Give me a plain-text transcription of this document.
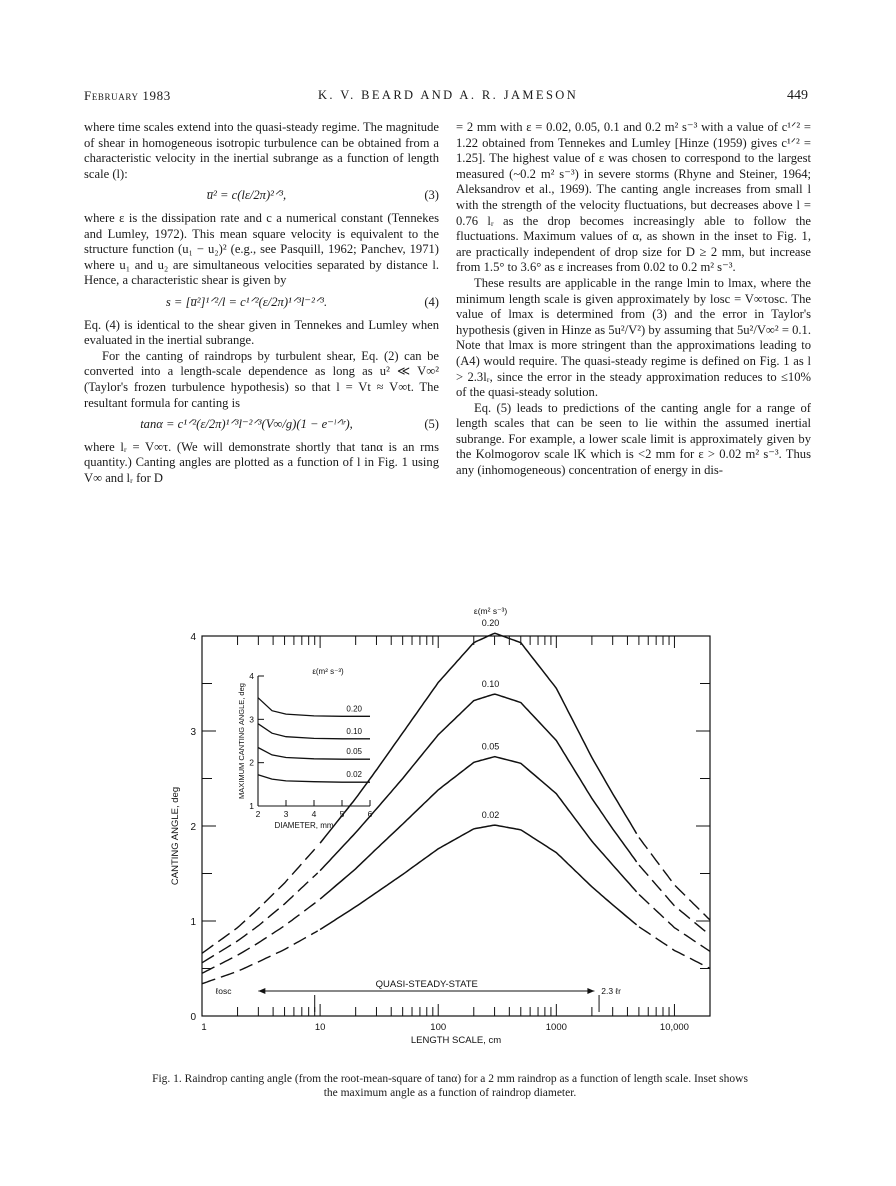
February 1983	K. V. BEARD AND A. R. JAMESON	449

where time scales extend into the quasi-steady regime. The magnitude of shear in homogeneous isotropic turbulence can be obtained from a characteristic velocity in the inertial subrange as a function of length scale (l):

u̅² = c(lε/2π)²ᐟ³,	(3)

where ε is the dissipation rate and c a numerical constant (Tennekes and Lumley, 1972). This mean square velocity is equivalent to the structure function (u₁ − u₂)² (e.g., see Pasquill, 1962; Panchev, 1971) where u₁ and u₂ are simultaneous velocities separated by distance l. Hence, a characteristic shear is given by

s = [u̅²]¹ᐟ²/l = c¹ᐟ²(ε/2π)¹ᐟ³l⁻²ᐟ³.	(4)

Eq. (4) is identical to the shear given in Tennekes and Lumley when evaluated in the inertial subrange.

For the canting of raindrops by turbulent shear, Eq. (2) can be converted into a length-scale dependence as long as u² ≪ V∞² (Taylor's frozen turbulence hypothesis) so that l = Vt ≈ V∞t. The resultant formula for canting is

tanα = c¹ᐟ²(ε/2π)¹ᐟ³l⁻²ᐟ³(V∞/g)(1 − e⁻ˡᐟˡʳ),	(5)

where lᵣ = V∞τ. (We will demonstrate shortly that tanα is an rms quantity.) Canting angles are plotted as a function of l in Fig. 1 using V∞ and lᵣ for D

= 2 mm with ε = 0.02, 0.05, 0.1 and 0.2 m² s⁻³ with a value of c¹ᐟ² = 1.22 obtained from Tennekes and Lumley [Hinze (1959) gives c¹ᐟ² = 1.25]. The highest value of ε was chosen to correspond to the largest measured (~0.2 m² s⁻³) in severe storms (Rhyne and Steiner, 1964; Aleksandrov et al., 1969). The canting angle increases from small l with the strength of the velocity fluctuations, but decreases above l = 0.76 lᵣ as the drop becomes increasingly able to follow the fluctuations. Maximum values of α, as shown in the inset to Fig. 1, are practically independent of drop size for D ≥ 2 mm, but increase from 1.5° to 3.6° as ε increases from 0.02 to 0.2 m² s⁻³.

These results are applicable in the range lmin to lmax, where the minimum length scale is given approximately by losc = V∞τosc. The value of lmax is determined from (3) and the error in Taylor's hypothesis (given in Hinze as 5u²/V²) by assuming that 5u²/V∞² = 0.1. Note that lmax is more stringent than the approximations leading to (A4) would require. The quasi-steady regime is defined on Fig. 1 as l > 2.3lᵣ, since the error in the steady approximation reduces to ≤10% of the quasi-steady solution.

Eq. (5) leads to predictions of the canting angle for a range of length scales that can be seen to lie within the assumed inertial subrange. For example, a lower scale limit is approximately given by the Kolmogorov scale lK which is <2 mm for ε > 0.02 m² s⁻³. Thus any (inhomogeneous) concentration of energy in dis-

1	10	100	1000	10,000
0
1
2
3
4
LENGTH SCALE, cm
CANTING ANGLE, deg
0.20
0.10
0.05
0.02
ε(m² s⁻³)
ℓosc
QUASI-STEADY-STATE
2.3 ℓr
2	3	4	5	6
1
2
3
4
DIAMETER, mm
MAXIMUM CANTING ANGLE, deg
ε(m² s⁻³)
0.20
0.10
0.05
0.02
Fig. 1. Raindrop canting angle (from the root-mean-square of tanα) for a 2 mm raindrop as a function of length scale. Inset shows the maximum angle as a function of raindrop diameter.
